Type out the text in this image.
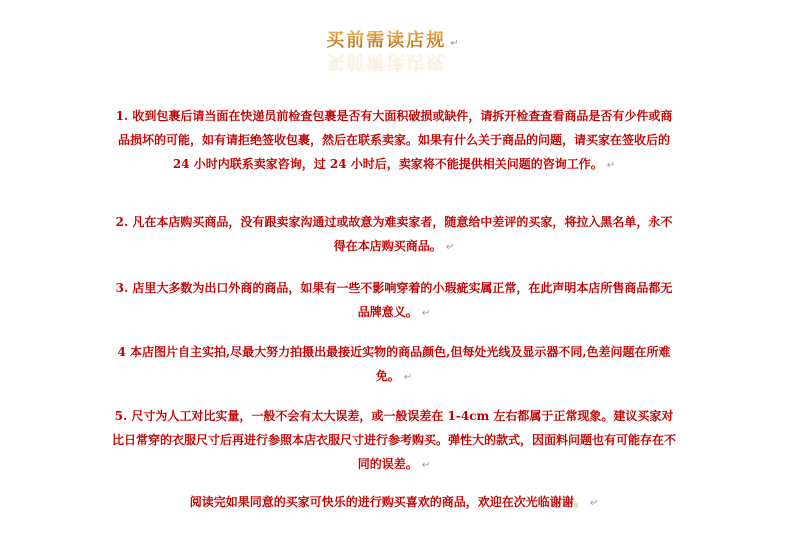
买前需读店规
买前需读店规
↵
1. 收到包裹后请当面在快递员前检查包裹是否有大面积破损或缺件，请拆开检查查看商品是否有少件或商品损坏的可能，如有请拒绝签收包裹，然后在联系卖家。如果有什么关于商品的问题，请买家在签收后的 24 小时内联系卖家咨询，过 24 小时后，卖家将不能提供相关问题的咨询工作。 ↵
2. 凡在本店购买商品，没有跟卖家沟通过或故意为难卖家者，随意给中差评的买家，将拉入黑名单，永不得在本店购买商品。 ↵
3. 店里大多数为出口外商的商品，如果有一些不影响穿着的小瑕疵实属正常，在此声明本店所售商品都无品牌意义。 ↵
4 本店图片自主实拍,尽最大努力拍摄出最接近实物的商品颜色,但每处光线及显示器不同,色差问题在所难免。 ↵
5. 尺寸为人工对比实量，一般不会有太大误差，或一般误差在 1-4cm 左右都属于正常现象。建议买家对比日常穿的衣服尺寸后再进行参照本店衣服尺寸进行参考购买。弹性大的款式，因面料问题也有可能存在不同的误差。 ↵
阅读完如果同意的买家可快乐的进行购买喜欢的商品，欢迎在次光临谢谢。 ↵
